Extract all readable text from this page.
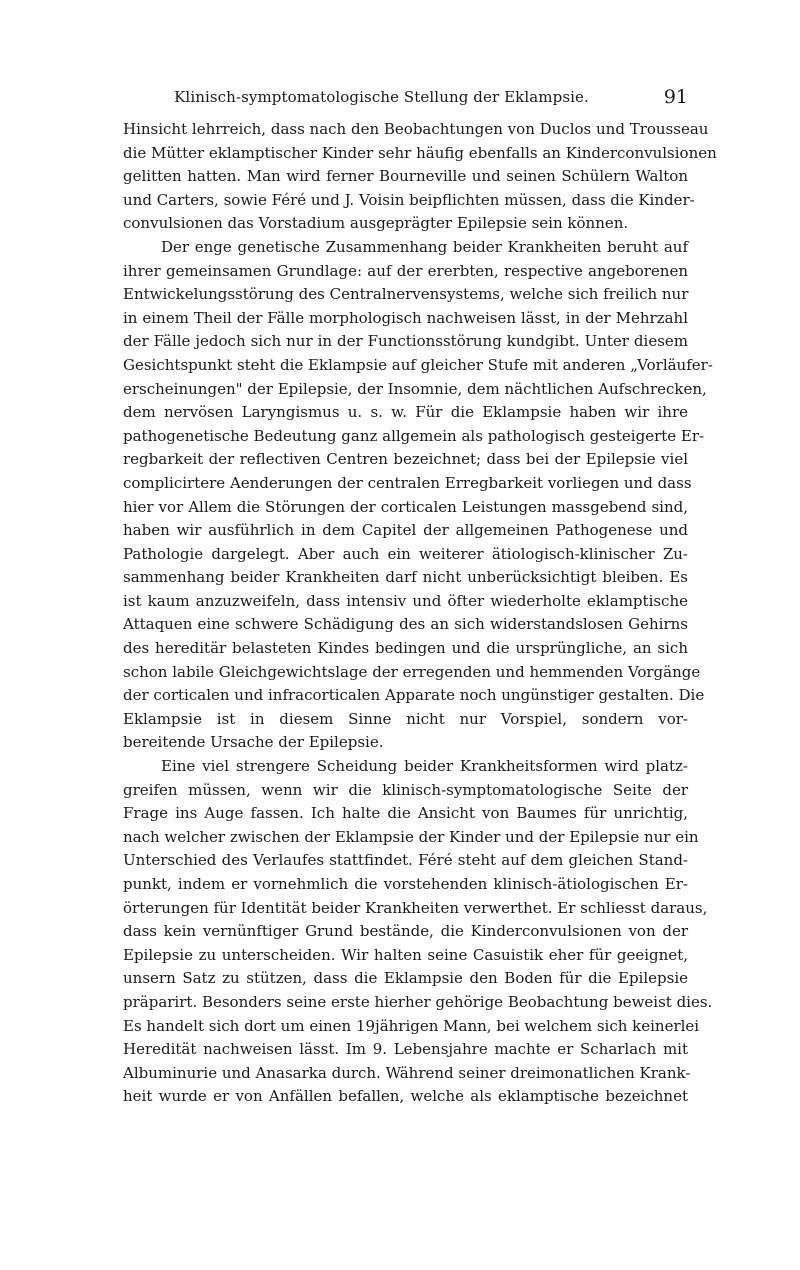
Klinisch-symptomatologische Stellung der Eklampsie.	91
Hinsicht lehrreich, dass nach den Beobachtungen von Duclos und Trousseau
die Mütter eklamptischer Kinder sehr häufig ebenfalls an Kinderconvulsionen
gelitten hatten. Man wird ferner Bourneville und seinen Schülern Walton
und Carters, sowie Féré und J. Voisin beipflichten müssen, dass die Kinder-
convulsionen das Vorstadium ausgeprägter Epilepsie sein können.
Der enge genetische Zusammenhang beider Krankheiten beruht auf
ihrer gemeinsamen Grundlage: auf der ererbten, respective angeborenen
Entwickelungsstörung des Centralnervensystems, welche sich freilich nur
in einem Theil der Fälle morphologisch nachweisen lässt, in der Mehrzahl
der Fälle jedoch sich nur in der Functionsstörung kundgibt. Unter diesem
Gesichtspunkt steht die Eklampsie auf gleicher Stufe mit anderen „Vorläufer-
erscheinungen" der Epilepsie, der Insomnie, dem nächtlichen Aufschrecken,
dem nervösen Laryngismus u. s. w. Für die Eklampsie haben wir ihre
pathogenetische Bedeutung ganz allgemein als pathologisch gesteigerte Er-
regbarkeit der reflectiven Centren bezeichnet; dass bei der Epilepsie viel
complicirtere Aenderungen der centralen Erregbarkeit vorliegen und dass
hier vor Allem die Störungen der corticalen Leistungen massgebend sind,
haben wir ausführlich in dem Capitel der allgemeinen Pathogenese und
Pathologie dargelegt. Aber auch ein weiterer ätiologisch-klinischer Zu-
sammenhang beider Krankheiten darf nicht unberücksichtigt bleiben. Es
ist kaum anzuzweifeln, dass intensiv und öfter wiederholte eklamptische
Attaquen eine schwere Schädigung des an sich widerstandslosen Gehirns
des hereditär belasteten Kindes bedingen und die ursprüngliche, an sich
schon labile Gleichgewichtslage der erregenden und hemmenden Vorgänge
der corticalen und infracorticalen Apparate noch ungünstiger gestalten. Die
Eklampsie ist in diesem Sinne nicht nur Vorspiel, sondern vor-
bereitende Ursache der Epilepsie.
Eine viel strengere Scheidung beider Krankheitsformen wird platz-
greifen müssen, wenn wir die klinisch-symptomatologische Seite der
Frage ins Auge fassen. Ich halte die Ansicht von Baumes für unrichtig,
nach welcher zwischen der Eklampsie der Kinder und der Epilepsie nur ein
Unterschied des Verlaufes stattfindet. Féré steht auf dem gleichen Stand-
punkt, indem er vornehmlich die vorstehenden klinisch-ätiologischen Er-
örterungen für Identität beider Krankheiten verwerthet. Er schliesst daraus,
dass kein vernünftiger Grund bestände, die Kinderconvulsionen von der
Epilepsie zu unterscheiden. Wir halten seine Casuistik eher für geeignet,
unsern Satz zu stützen, dass die Eklampsie den Boden für die Epilepsie
präparirt. Besonders seine erste hierher gehörige Beobachtung beweist dies.
Es handelt sich dort um einen 19jährigen Mann, bei welchem sich keinerlei
Heredität nachweisen lässt. Im 9. Lebensjahre machte er Scharlach mit
Albuminurie und Anasarka durch. Während seiner dreimonatlichen Krank-
heit wurde er von Anfällen befallen, welche als eklamptische bezeichnet
